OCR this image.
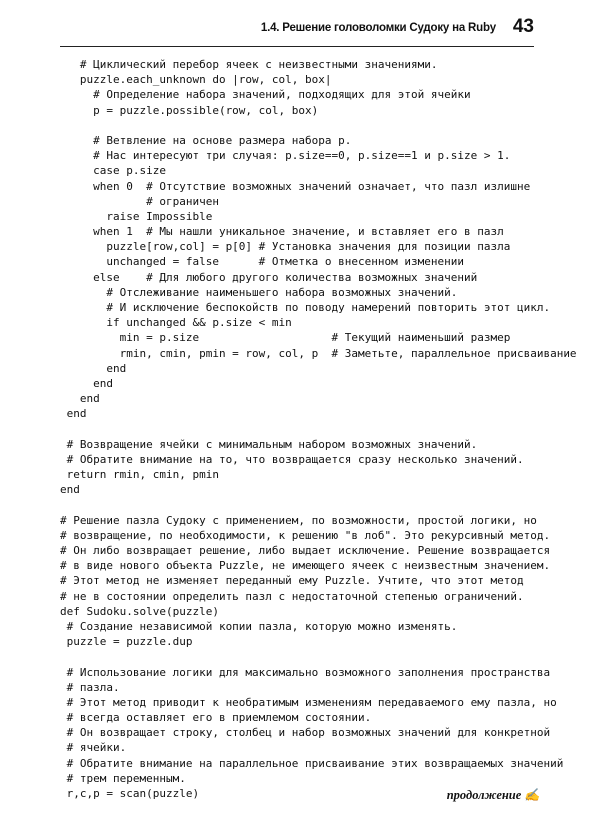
1.4. Решение головоломки Судоку на Ruby 43
# Циклический перебор ячеек с неизвестными значениями.
puzzle.each_unknown do |row, col, box|
# Определение набора значений, подходящих для этой ячейки
p = puzzle.possible(row, col, box)
# Ветвление на основе размера набора p.
# Нас интересуют три случая: p.size==0, p.size==1 и p.size > 1.
case p.size
when 0  # Отсутствие возможных значений означает, что пазл излишне
# ограничен
raise Impossible
when 1  # Мы нашли уникальное значение, и вставляет его в пазл
puzzle[row,col] = p[0] # Установка значения для позиции пазла
unchanged = false      # Отметка о внесенном изменении
else    # Для любого другого количества возможных значений
# Отслеживание наименьшего набора возможных значений.
# И исключение беспокойств по поводу намерений повторить этот цикл.
if unchanged && p.size < min
min = p.size                    # Текущий наименьший размер
rmin, cmin, pmin = row, col, p  # Заметьте, параллельное присваивание
end
end
end
end
# Возвращение ячейки с минимальным набором возможных значений.
# Обратите внимание на то, что возвращается сразу несколько значений.
return rmin, cmin, pmin
end
# Решение пазла Судоку с применением, по возможности, простой логики, но
# возвращение, по необходимости, к решению "в лоб". Это рекурсивный метод.
# Он либо возвращает решение, либо выдает исключение. Решение возвращается
# в виде нового объекта Puzzle, не имеющего ячеек с неизвестным значением.
# Этот метод не изменяет переданный ему Puzzle. Учтите, что этот метод
# не в состоянии определить пазл с недостаточной степенью ограничений.
def Sudoku.solve(puzzle)
# Создание независимой копии пазла, которую можно изменять.
puzzle = puzzle.dup
# Использование логики для максимально возможного заполнения пространства
# пазла.
# Этот метод приводит к необратимым изменениям передаваемого ему пазла, но
# всегда оставляет его в приемлемом состоянии.
# Он возвращает строку, столбец и набор возможных значений для конкретной
# ячейки.
# Обратите внимание на параллельное присваивание этих возвращаемых значений
# трем переменным.
r,c,p = scan(puzzle)	продолжение ✍
